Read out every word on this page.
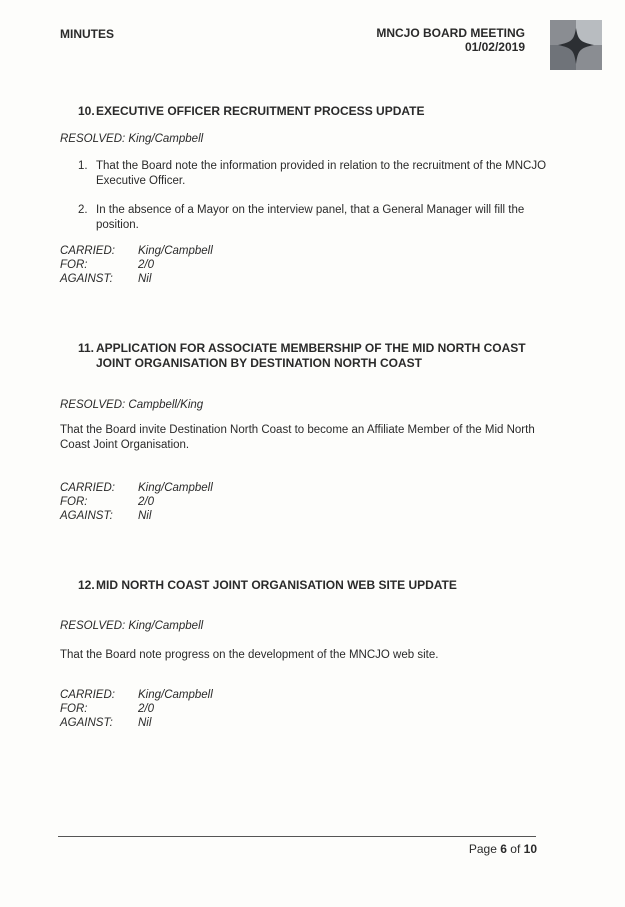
MINUTES	MNCJO BOARD MEETING
01/02/2019
10.EXECUTIVE OFFICER RECRUITMENT PROCESS UPDATE
RESOLVED: King/Campbell
1. That the Board note the information provided in relation to the recruitment of the MNCJO Executive Officer.
2. In the absence of a Mayor on the interview panel, that a General Manager will fill the position.
CARRIED: King/Campbell
FOR:	2/0
AGAINST: Nil
11. APPLICATION FOR ASSOCIATE MEMBERSHIP OF THE MID NORTH COAST
JOINT ORGANISATION BY DESTINATION NORTH COAST
RESOLVED: Campbell/King
That the Board invite Destination North Coast to become an Affiliate Member of the Mid North Coast Joint Organisation.
CARRIED: King/Campbell
FOR:	2/0
AGAINST: Nil
12.MID NORTH COAST JOINT ORGANISATION WEB SITE UPDATE
RESOLVED: King/Campbell
That the Board note progress on the development of the MNCJO web site.
CARRIED: King/Campbell
FOR:	2/0
AGAINST: Nil
Page 6 of 10
